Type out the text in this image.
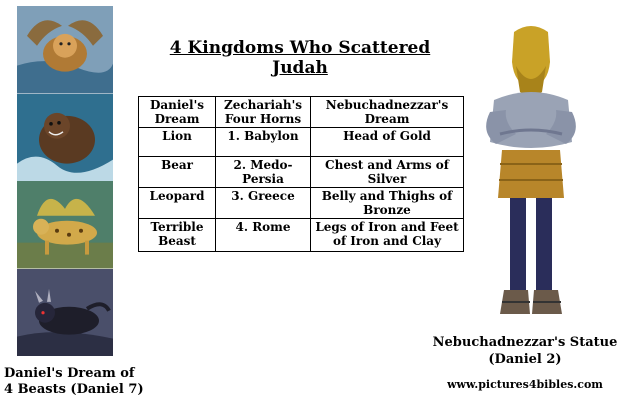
Daniel's Dream of
4 Beasts (Daniel 7)
4 Kingdoms Who Scattered Judah
Daniel's Dream	Zechariah's Four Horns	Nebuchadnezzar's Dream
Lion	1. Babylon	Head of Gold
Bear	2. Medo-Persia	Chest and Arms of Silver
Leopard	3. Greece	Belly and Thighs of Bronze
Terrible Beast	4. Rome	Legs of Iron and Feet of Iron and Clay
Nebuchadnezzar's Statue
(Daniel 2)
www.pictures4bibles.com
